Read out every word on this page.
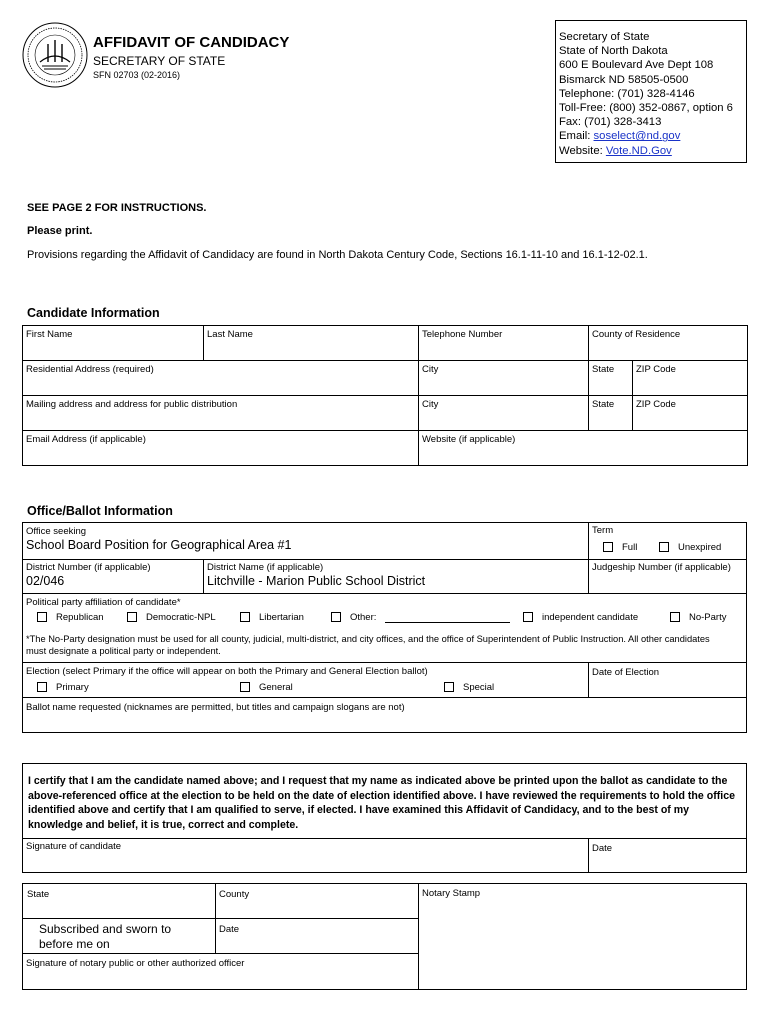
AFFIDAVIT OF CANDIDACY
SECRETARY OF STATE
SFN 02703 (02-2016)
Secretary of State
State of North Dakota
600 E Boulevard Ave Dept 108
Bismarck ND 58505-0500
Telephone: (701) 328-4146
Toll-Free: (800) 352-0867, option 6
Fax: (701) 328-3413
Email: soselect@nd.gov
Website: Vote.ND.Gov
SEE PAGE 2 FOR INSTRUCTIONS.
Please print.
Provisions regarding the Affidavit of Candidacy are found in North Dakota Century Code, Sections 16.1-11-10 and 16.1-12-02.1.
Candidate Information
First Name	Last Name	Telephone Number	County of Residence	

Residential Address (required)		City	State	ZIP Code

Mailing address and address for public distribution		City	State	ZIP Code

Email Address (if applicable)		Website (if applicable)		
Office/Ballot Information
Office seeking
School Board Position for Geographical Area #1
Term
Full	Unexpired
District Number (if applicable)
02/046
District Name (if applicable)
Litchville - Marion Public School District
Judgeship Number (if applicable)
Political party affiliation of candidate*
Republican	Democratic-NPL	Libertarian	Other:	independent candidate	No-Party
*The No-Party designation must be used for all county, judicial, multi-district, and city offices, and the office of Superintendent of Public Instruction. All other candidates must designate a political party or independent.
Election (select Primary if the office will appear on both the Primary and General Election ballot)
Primary	General	Special
Date of Election
Ballot name requested (nicknames are permitted, but titles and campaign slogans are not)
I certify that I am the candidate named above; and I request that my name as indicated above be printed upon the ballot as candidate to the above-referenced office at the election to be held on the date of election identified above. I have reviewed the requirements to hold the office identified above and certify that I am qualified to serve, if elected. I have examined this Affidavit of Candidacy, and to the best of my knowledge and belief, it is true, correct and complete.
Signature of candidate	Date
State	County	Notary Stamp
Subscribed and sworn to before me on
Date
Signature of notary public or other authorized officer
